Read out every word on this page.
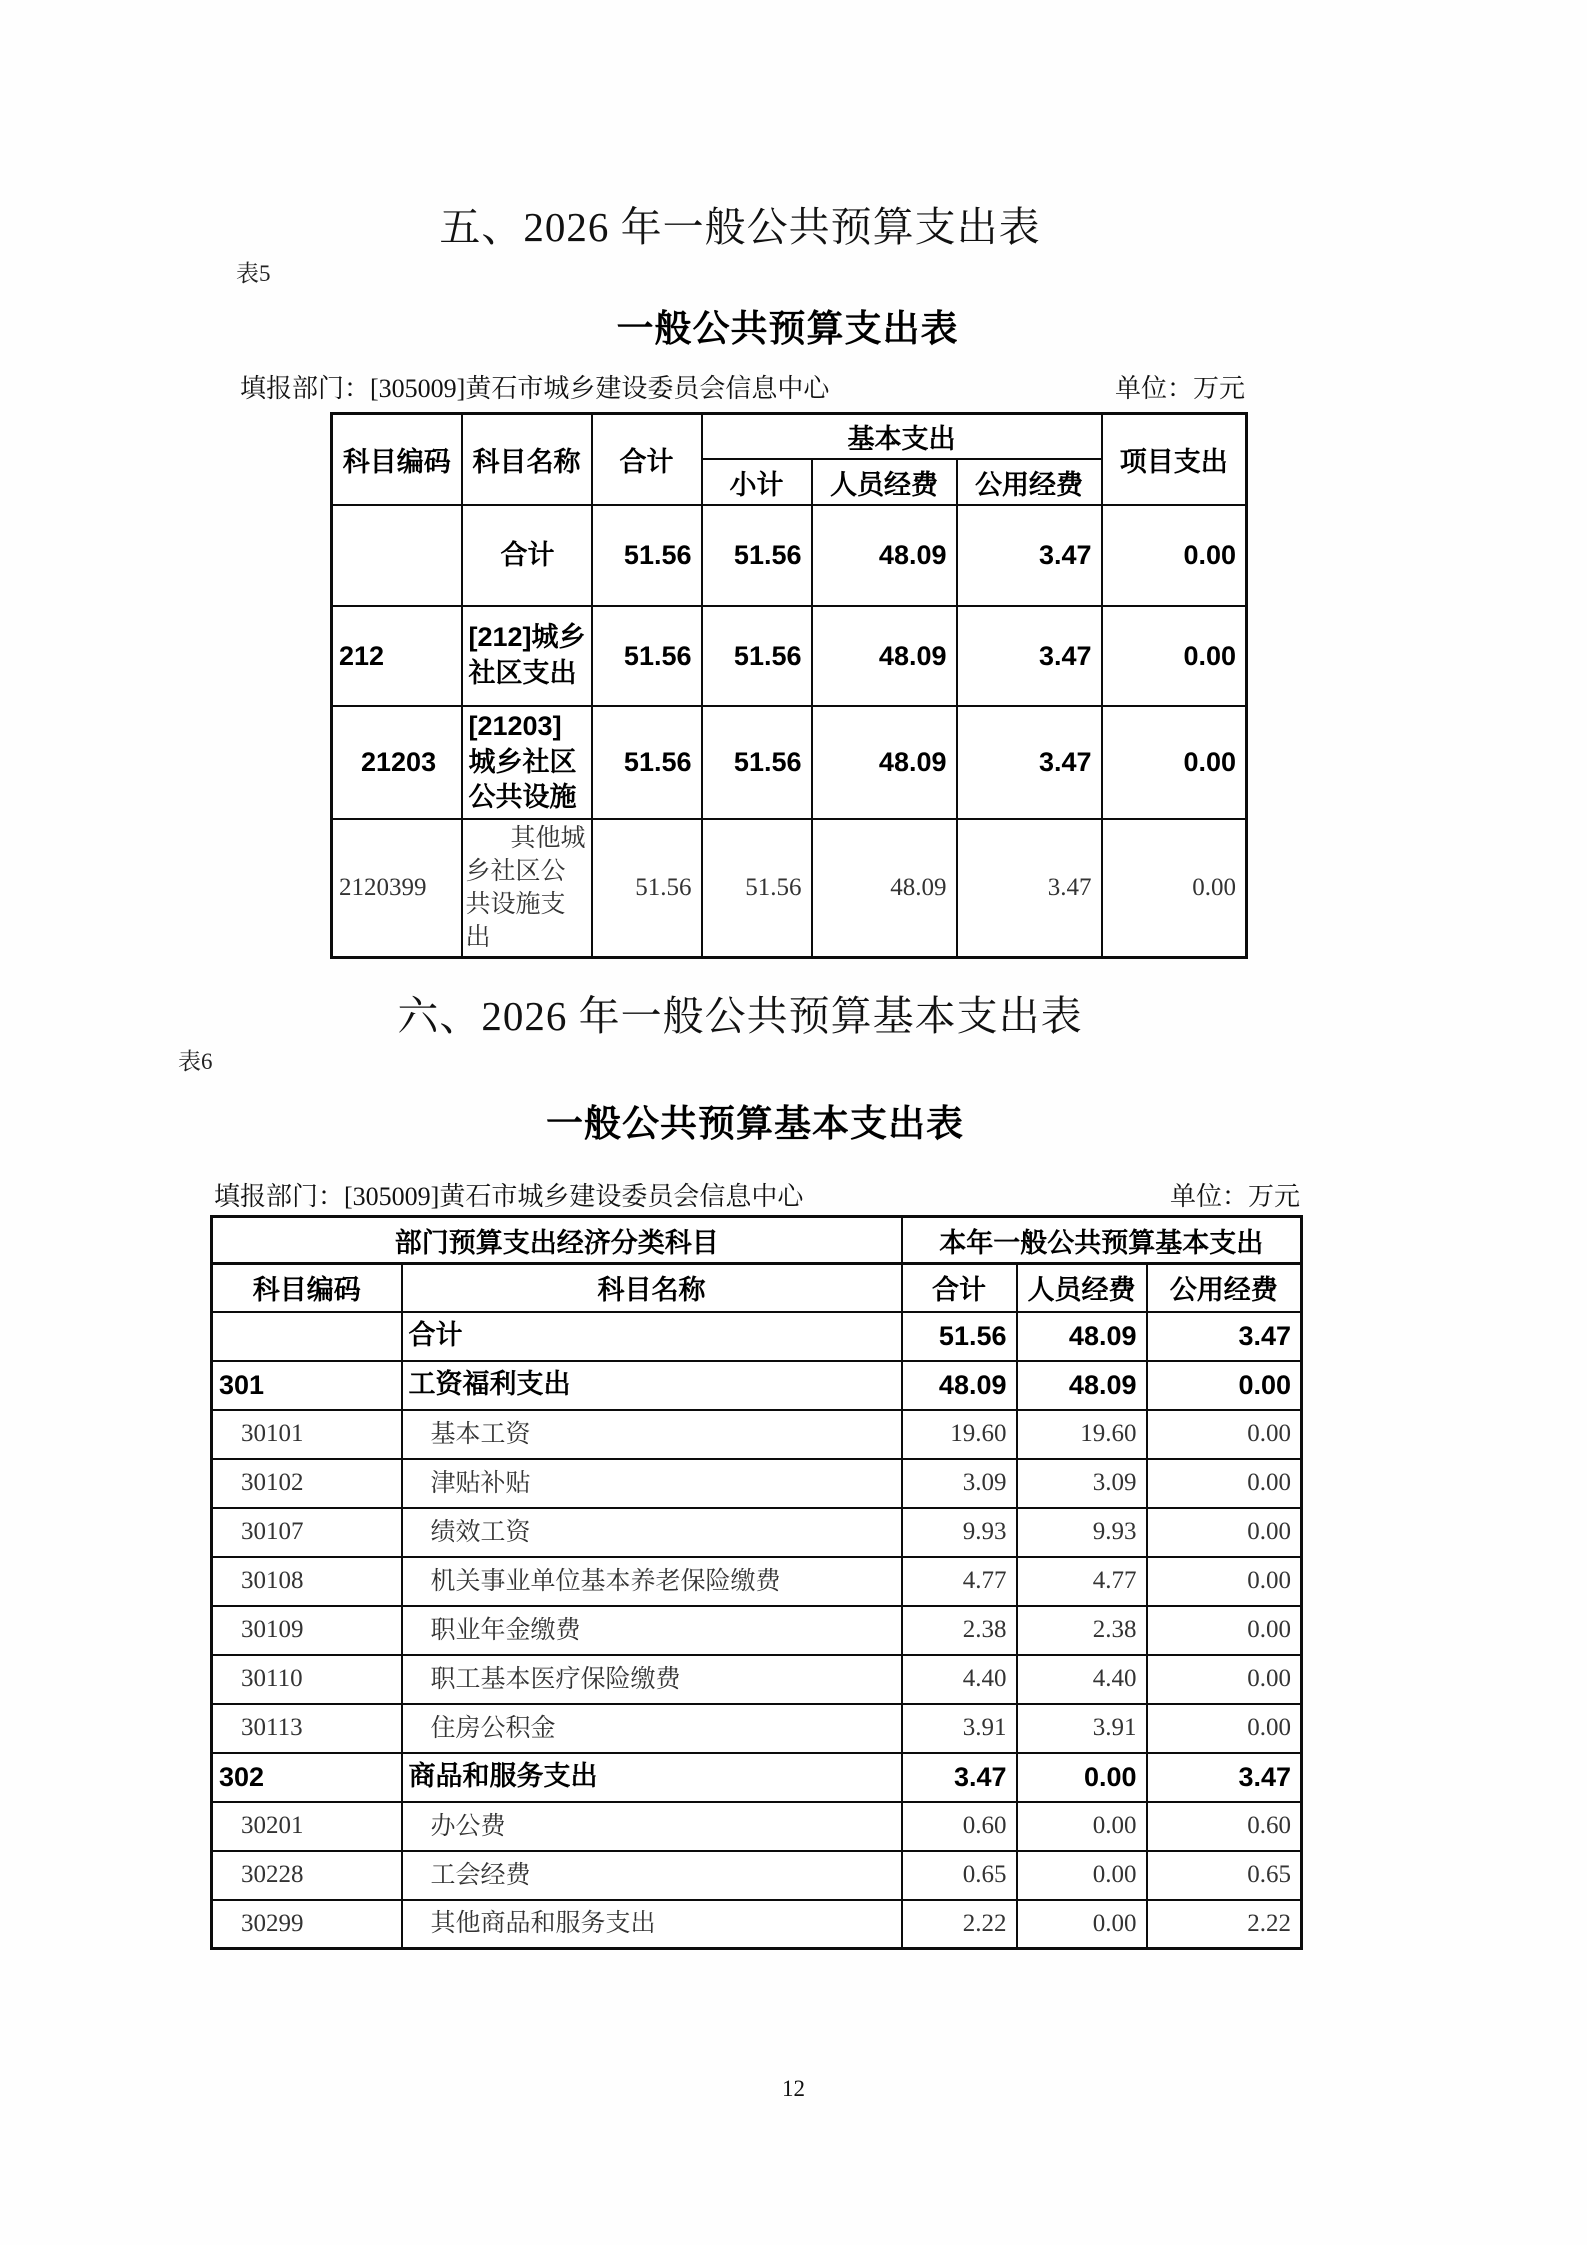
五、2026 年一般公共预算支出表
表5
一般公共预算支出表
填报部门：[305009]黄石市城乡建设委员会信息中心	单位：万元
科目编码	科目名称	合计	基本支出			项目支出
			小计	人员经费	公用经费	
	合计	51.56	51.56	48.09	3.47	0.00
212	[212]城乡社区支出	51.56	51.56	48.09	3.47	0.00
21203	[21203]城乡社区公共设施	51.56	51.56	48.09	3.47	0.00
2120399	其他城乡社区公共设施支出	51.56	51.56	48.09	3.47	0.00
六、2026 年一般公共预算基本支出表
表6
一般公共预算基本支出表
填报部门：[305009]黄石市城乡建设委员会信息中心	单位：万元
部门预算支出经济分类科目		本年一般公共预算基本支出		
科目编码	科目名称	合计	人员经费	公用经费
	合计	51.56	48.09	3.47
301	工资福利支出	48.09	48.09	0.00
30101	基本工资	19.60	19.60	0.00
30102	津贴补贴	3.09	3.09	0.00
30107	绩效工资	9.93	9.93	0.00
30108	机关事业单位基本养老保险缴费	4.77	4.77	0.00
30109	职业年金缴费	2.38	2.38	0.00
30110	职工基本医疗保险缴费	4.40	4.40	0.00
30113	住房公积金	3.91	3.91	0.00
302	商品和服务支出	3.47	0.00	3.47
30201	办公费	0.60	0.00	0.60
30228	工会经费	0.65	0.00	0.65
30299	其他商品和服务支出	2.22	0.00	2.22
12
